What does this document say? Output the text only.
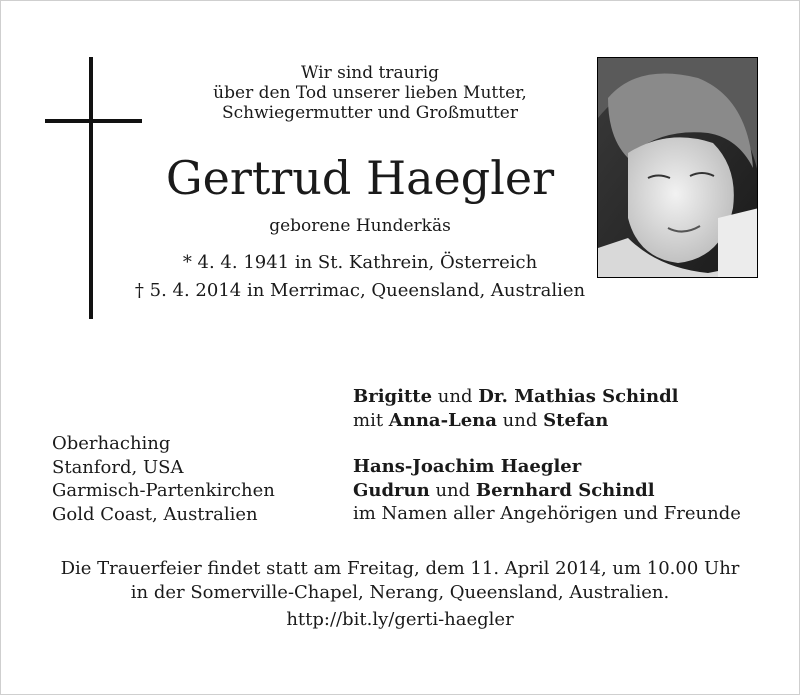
Wir sind traurig
über den Tod unserer lieben Mutter,
Schwiegermutter und Großmutter
Gertrud Haegler
geborene Hunderkäs
* 4. 4. 1941 in St. Kathrein, Österreich
† 5. 4. 2014 in Merrimac, Queensland, Australien
Oberhaching
Stanford, USA
Garmisch-Partenkirchen
Gold Coast, Australien
Brigitte und Dr. Mathias Schindl
mit Anna-Lena und Stefan
Hans-Joachim Haegler
Gudrun und Bernhard Schindl
im Namen aller Angehörigen und Freunde
Die Trauerfeier findet statt am Freitag, dem 11. April 2014, um 10.00 Uhr
in der Somerville-Chapel, Nerang, Queensland, Australien.
http://bit.ly/gerti-haegler
